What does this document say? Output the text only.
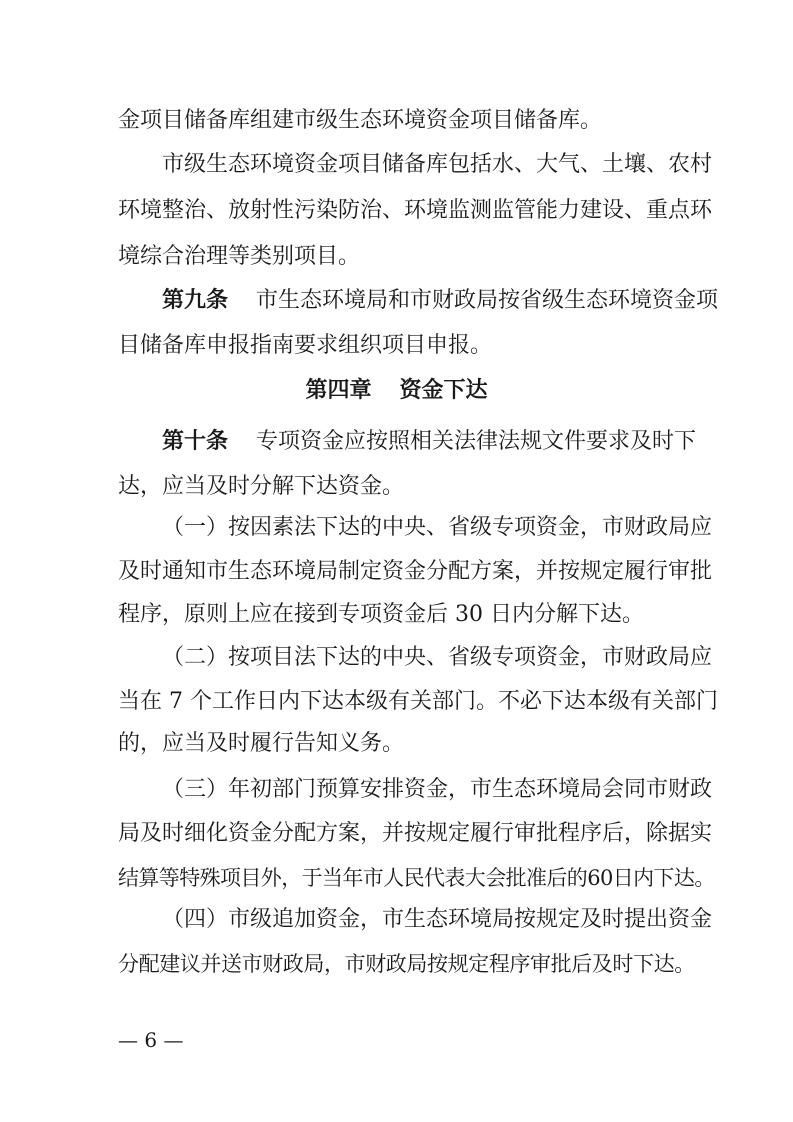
金项目储备库组建市级生态环境资金项目储备库。
市级生态环境资金项目储备库包括水、大气、土壤、农村
环境整治、放射性污染防治、环境监测监管能力建设、重点环
境综合治理等类别项目。
第九条 市生态环境局和市财政局按省级生态环境资金项
目储备库申报指南要求组织项目申报。
第四章 资金下达
第十条 专项资金应按照相关法律法规文件要求及时下
达，应当及时分解下达资金。
（一）按因素法下达的中央、省级专项资金，市财政局应
及时通知市生态环境局制定资金分配方案，并按规定履行审批
程序，原则上应在接到专项资金后 30 日内分解下达。
（二）按项目法下达的中央、省级专项资金，市财政局应
当在 7 个工作日内下达本级有关部门。不必下达本级有关部门
的，应当及时履行告知义务。
（三）年初部门预算安排资金，市生态环境局会同市财政
局及时细化资金分配方案，并按规定履行审批程序后，除据实
结算等特殊项目外，于当年市人民代表大会批准后的60日内下达。
（四）市级追加资金，市生态环境局按规定及时提出资金
分配建议并送市财政局，市财政局按规定程序审批后及时下达。
— 6 —
